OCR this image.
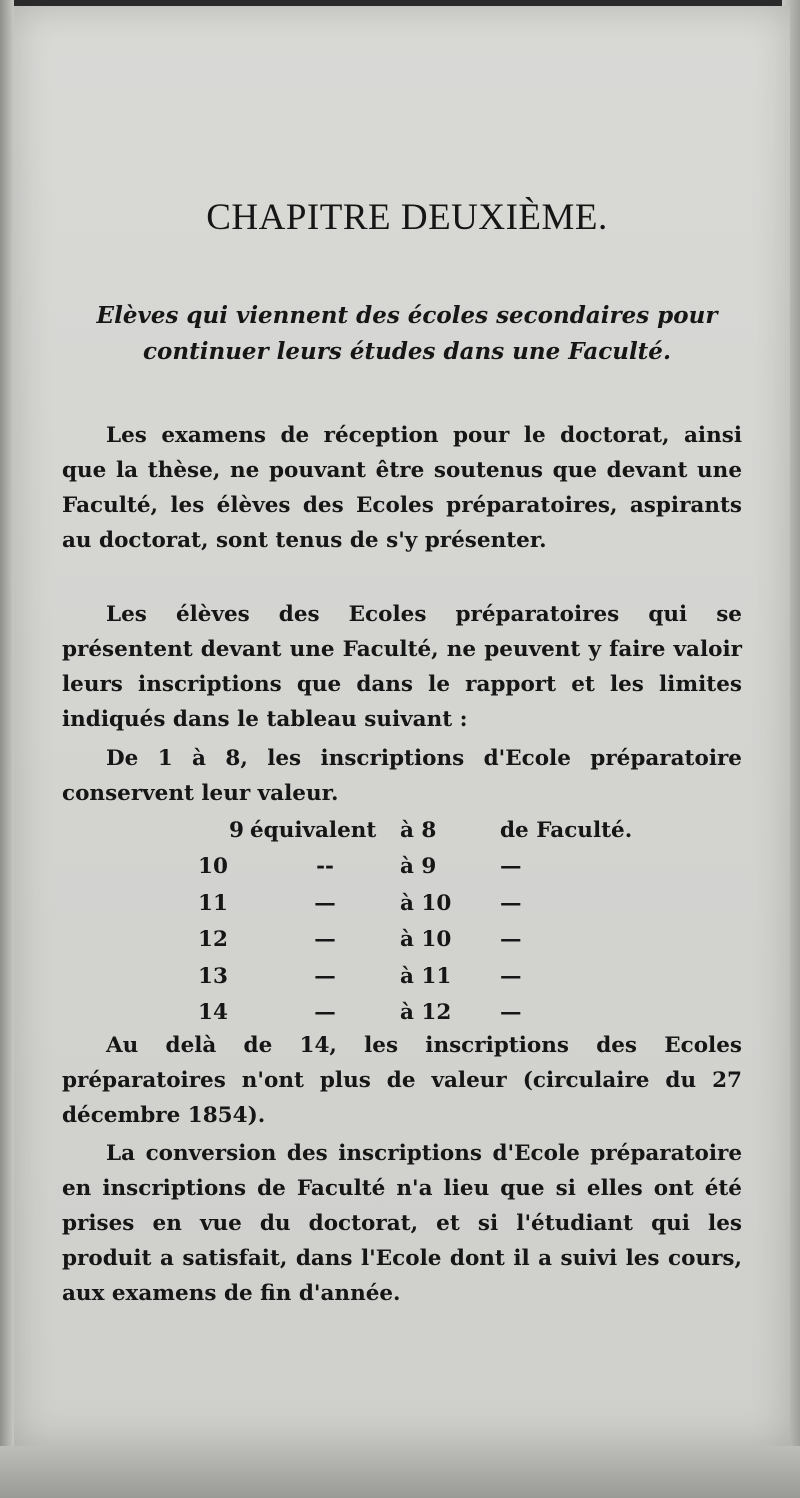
CHAPITRE DEUXIÈME.
Elèves qui viennent des écoles secondaires pour
continuer leurs études dans une Faculté.

Les examens de réception pour le doctorat, ainsi que la thèse, ne pouvant être soutenus que devant une Faculté, les élèves des Ecoles préparatoires, aspirants au doctorat, sont tenus de s'y présenter.

Les élèves des Ecoles préparatoires qui se présentent devant une Faculté, ne peuvent y faire valoir leurs inscriptions que dans le rapport et les limites indiqués dans le tableau suivant :

De 1 à 8, les inscriptions d'Ecole préparatoire conservent leur valeur.

9	équivalent	à 8	de Faculté.
10	--	à 9	—
11	—	à 10	—
12	—	à 10	—
13	—	à 11	—
14	—	à 12	—

Au delà de 14, les inscriptions des Ecoles préparatoires n'ont plus de valeur (circulaire du 27 décembre 1854).

La conversion des inscriptions d'Ecole préparatoire en inscriptions de Faculté n'a lieu que si elles ont été prises en vue du doctorat, et si l'étudiant qui les produit a satisfait, dans l'Ecole dont il a suivi les cours, aux examens de fin d'année.
